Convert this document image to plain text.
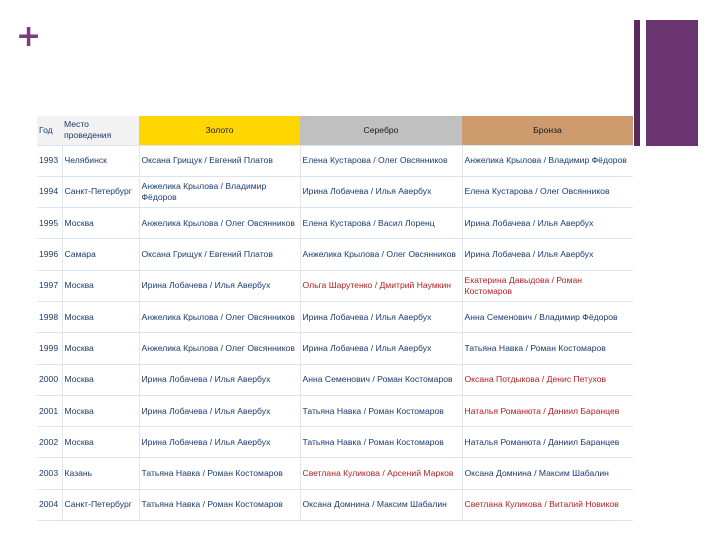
+
Год	Место проведения	Золото	Серебро	Бронза
1993	Челябинск	Оксана Грищук / Евгений Платов	Елена Кустарова / Олег Овсянников	Анжелика Крылова / Владимир Фёдоров
1994	Санкт-Петербург	Анжелика Крылова / Владимир Фёдоров	Ирина Лобачева / Илья Авербух	Елена Кустарова / Олег Овсянников
1995	Москва	Анжелика Крылова / Олег Овсянников	Елена Кустарова / Васил Лоренц	Ирина Лобачева / Илья Авербух
1996	Самара	Оксана Грищук / Евгений Платов	Анжелика Крылова / Олег Овсянников	Ирина Лобачева / Илья Авербух
1997	Москва	Ирина Лобачева / Илья Авербух	Ольга Шарутенко / Дмитрий Наумкин	Екатерина Давыдова / Роман Костомаров
1998	Москва	Анжелика Крылова / Олег Овсянников	Ирина Лобачева / Илья Авербух	Анна Семенович / Владимир Фёдоров
1999	Москва	Анжелика Крылова / Олег Овсянников	Ирина Лобачева / Илья Авербух	Татьяна Навка / Роман Костомаров
2000	Москва	Ирина Лобачева / Илья Авербух	Анна Семенович / Роман Костомаров	Оксана Потдыкова / Денис Петухов
2001	Москва	Ирина Лобачева / Илья Авербух	Татьяна Навка / Роман Костомаров	Наталья Романюта / Даниил Баранцев
2002	Москва	Ирина Лобачева / Илья Авербух	Татьяна Навка / Роман Костомаров	Наталья Романюта / Даниил Баранцев
2003	Казань	Татьяна Навка / Роман Костомаров	Светлана Куликова / Арсений Марков	Оксана Домнина / Максим Шабалин
2004	Санкт-Петербург	Татьяна Навка / Роман Костомаров	Оксана Домнина / Максим Шабалин	Светлана Куликова / Виталий Новиков
